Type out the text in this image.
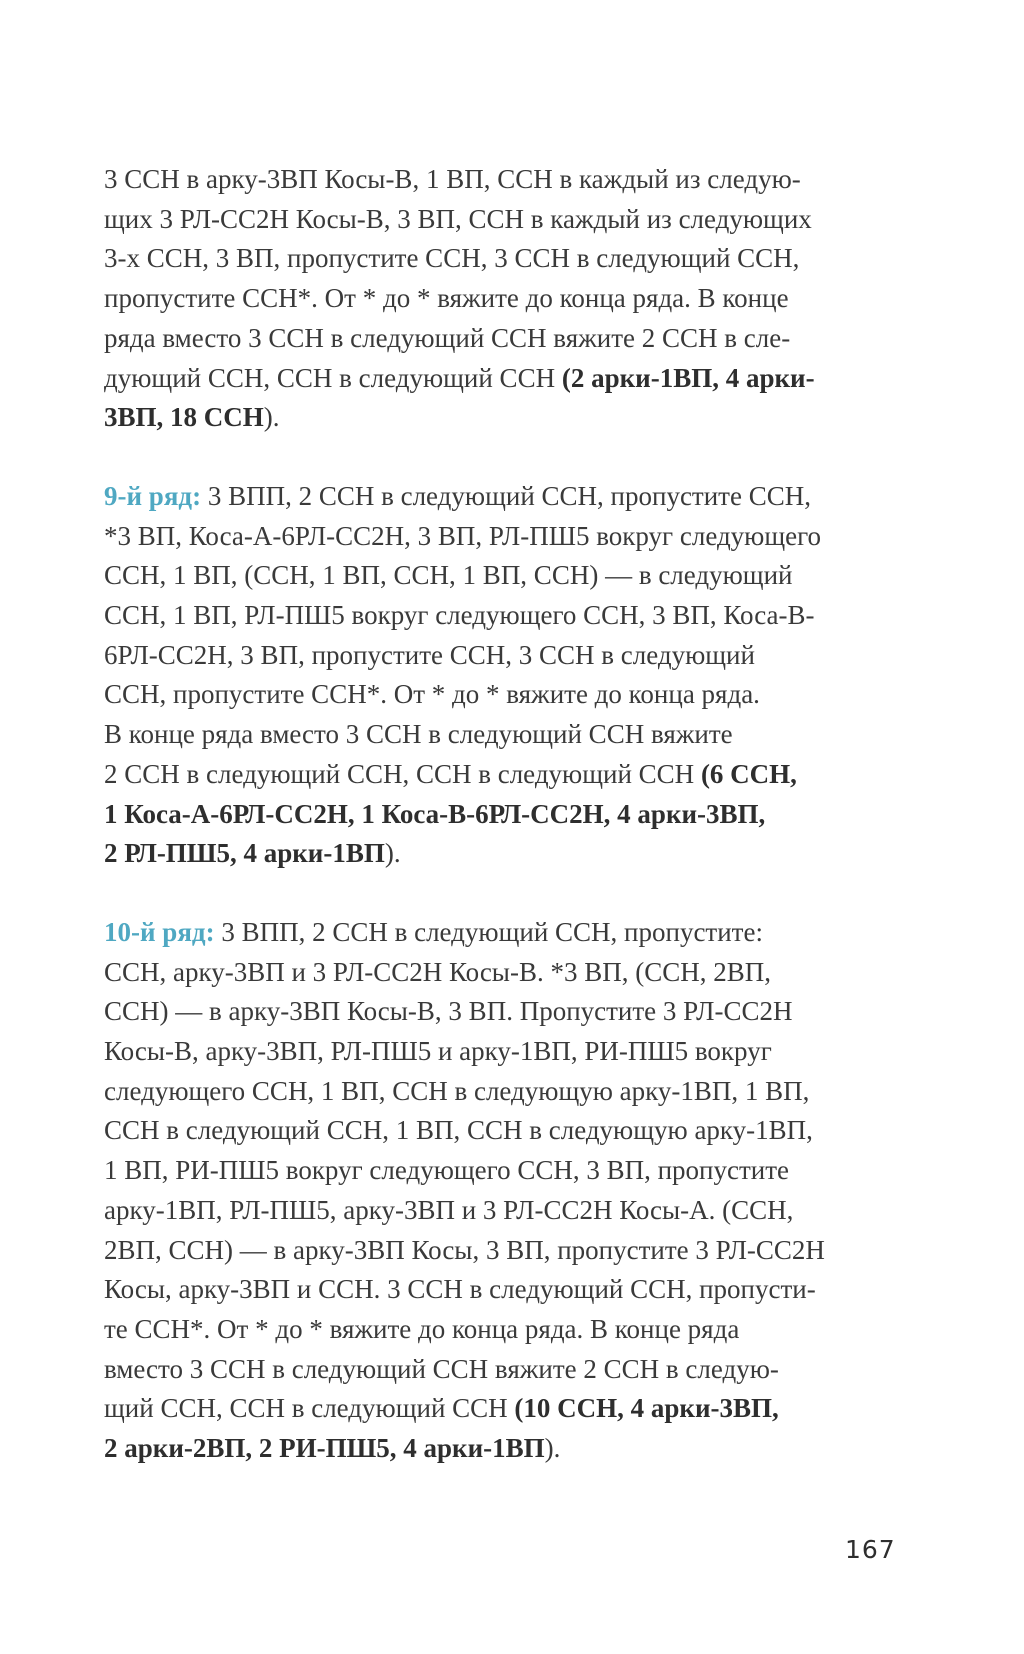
3 ССН в арку-3ВП Косы-В, 1 ВП, ССН в каждый из следую-
щих 3 РЛ-СС2Н Косы-В, 3 ВП, ССН в каждый из следующих
3-х ССН, 3 ВП, пропустите ССН, 3 ССН в следующий ССН,
пропустите ССН*. От * до * вяжите до конца ряда. В конце
ряда вместо 3 ССН в следующий ССН вяжите 2 ССН в сле-
дующий ССН, ССН в следующий ССН (2 арки-1ВП, 4 арки-
3ВП, 18 ССН).

9-й ряд: 3 ВПП, 2 ССН в следующий ССН, пропустите ССН,
*3 ВП, Коса-А-6РЛ-СС2Н, 3 ВП, РЛ-ПШ5 вокруг следующего
ССН, 1 ВП, (ССН, 1 ВП, ССН, 1 ВП, ССН) — в следующий
ССН, 1 ВП, РЛ-ПШ5 вокруг следующего ССН, 3 ВП, Коса-В-
6РЛ-СС2Н, 3 ВП, пропустите ССН, 3 ССН в следующий
ССН, пропустите ССН*. От * до * вяжите до конца ряда.
В конце ряда вместо 3 ССН в следующий ССН вяжите
2 ССН в следующий ССН, ССН в следующий ССН (6 ССН,
1 Коса-А-6РЛ-СС2Н, 1 Коса-В-6РЛ-СС2Н, 4 арки-3ВП,
2 РЛ-ПШ5, 4 арки-1ВП).

10-й ряд: 3 ВПП, 2 ССН в следующий ССН, пропустите:
ССН, арку-3ВП и 3 РЛ-СС2Н Косы-В. *3 ВП, (ССН, 2ВП,
ССН) — в арку-3ВП Косы-В, 3 ВП. Пропустите 3 РЛ-СС2Н
Косы-В, арку-3ВП, РЛ-ПШ5 и арку-1ВП, РИ-ПШ5 вокруг
следующего ССН, 1 ВП, ССН в следующую арку-1ВП, 1 ВП,
ССН в следующий ССН, 1 ВП, ССН в следующую арку-1ВП,
1 ВП, РИ-ПШ5 вокруг следующего ССН, 3 ВП, пропустите
арку-1ВП, РЛ-ПШ5, арку-3ВП и 3 РЛ-СС2Н Косы-А. (ССН,
2ВП, ССН) — в арку-3ВП Косы, 3 ВП, пропустите 3 РЛ-СС2Н
Косы, арку-3ВП и ССН. 3 ССН в следующий ССН, пропусти-
те ССН*. От * до * вяжите до конца ряда. В конце ряда
вместо 3 ССН в следующий ССН вяжите 2 ССН в следую-
щий ССН, ССН в следующий ССН (10 ССН, 4 арки-3ВП,
2 арки-2ВП, 2 РИ-ПШ5, 4 арки-1ВП).

167
